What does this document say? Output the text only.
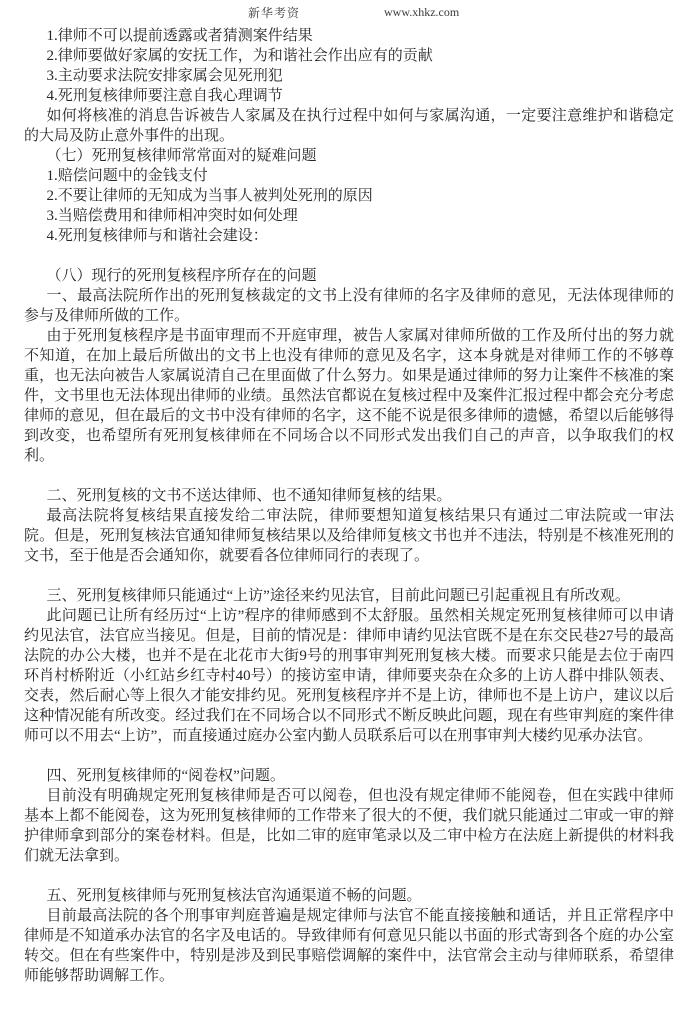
新华考资	www.xhkz.com

1.律师不可以提前透露或者猜测案件结果

2.律师要做好家属的安抚工作，为和谐社会作出应有的贡献

3.主动要求法院安排家属会见死刑犯

4.死刑复核律师要注意自我心理调节

如何将核准的消息告诉被告人家属及在执行过程中如何与家属沟通，一定要注意维护和谐稳定的大局及防止意外事件的出现。

（七）死刑复核律师常常面对的疑难问题

1.赔偿问题中的金钱支付

2.不要让律师的无知成为当事人被判处死刑的原因

3.当赔偿费用和律师相冲突时如何处理

4.死刑复核律师与和谐社会建设：

（八）现行的死刑复核程序所存在的问题

一、最高法院所作出的死刑复核裁定的文书上没有律师的名字及律师的意见，无法体现律师的参与及律师所做的工作。

由于死刑复核程序是书面审理而不开庭审理，被告人家属对律师所做的工作及所付出的努力就不知道，在加上最后所做出的文书上也没有律师的意见及名字，这本身就是对律师工作的不够尊重，也无法向被告人家属说清自己在里面做了什么努力。如果是通过律师的努力让案件不核准的案件，文书里也无法体现出律师的业绩。虽然法官都说在复核过程中及案件汇报过程中都会充分考虑律师的意见，但在最后的文书中没有律师的名字，这不能不说是很多律师的遗憾，希望以后能够得到改变，也希望所有死刑复核律师在不同场合以不同形式发出我们自己的声音，以争取我们的权利。

二、死刑复核的文书不送达律师、也不通知律师复核的结果。

最高法院将复核结果直接发给二审法院，律师要想知道复核结果只有通过二审法院或一审法院。但是，死刑复核法官通知律师复核结果以及给律师复核文书也并不违法，特别是不核准死刑的文书，至于他是否会通知你，就要看各位律师同行的表现了。

三、死刑复核律师只能通过“上访”途径来约见法官，目前此问题已引起重视且有所改观。

此问题已让所有经历过“上访”程序的律师感到不太舒服。虽然相关规定死刑复核律师可以申请约见法官，法官应当接见。但是，目前的情况是：律师申请约见法官既不是在东交民巷27号的最高法院的办公大楼，也并不是在北花市大街9号的刑事审判死刑复核大楼。而要求只能是去位于南四环肖村桥附近（小红站乡红寺村40号）的接访室申请，律师要夹杂在众多的上访人群中排队领表、交表，然后耐心等上很久才能安排约见。死刑复核程序并不是上访，律师也不是上访户，建议以后这种情况能有所改变。经过我们在不同场合以不同形式不断反映此问题，现在有些审判庭的案件律师可以不用去“上访”，而直接通过庭办公室内勤人员联系后可以在刑事审判大楼约见承办法官。

四、死刑复核律师的“阅卷权”问题。

目前没有明确规定死刑复核律师是否可以阅卷，但也没有规定律师不能阅卷，但在实践中律师基本上都不能阅卷，这为死刑复核律师的工作带来了很大的不便，我们就只能通过二审或一审的辩护律师拿到部分的案卷材料。但是，比如二审的庭审笔录以及二审中检方在法庭上新提供的材料我们就无法拿到。

五、死刑复核律师与死刑复核法官沟通渠道不畅的问题。

目前最高法院的各个刑事审判庭普遍是规定律师与法官不能直接接触和通话，并且正常程序中律师是不知道承办法官的名字及电话的。导致律师有何意见只能以书面的形式寄到各个庭的办公室转交。但在有些案件中，特别是涉及到民事赔偿调解的案件中，法官常会主动与律师联系，希望律师能够帮助调解工作。
